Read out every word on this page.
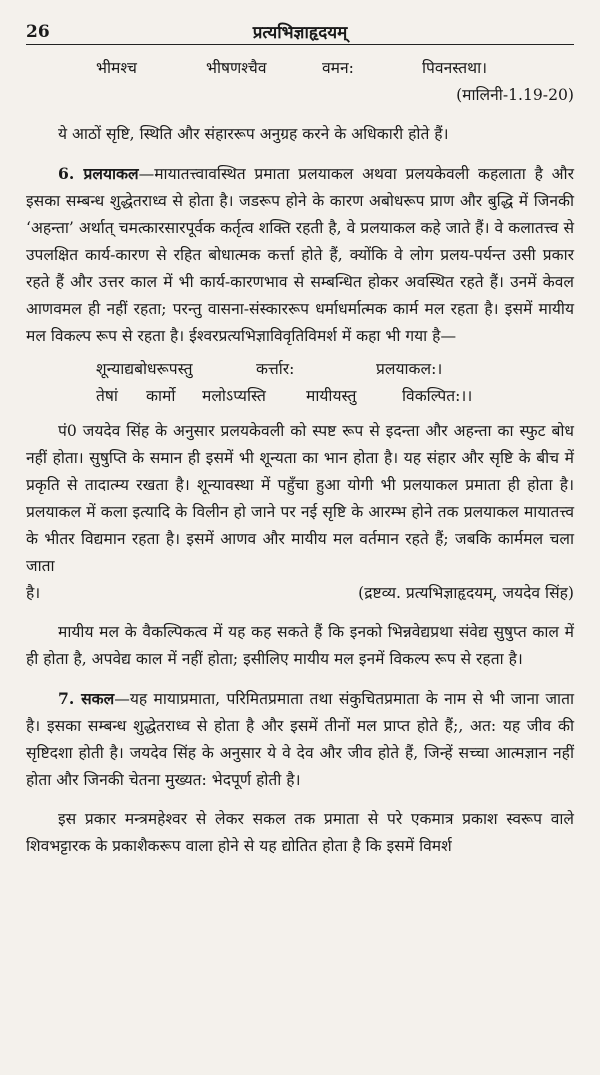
26	प्रत्यभिज्ञाहृदयम्

भीमश्च	भीषणश्चैव	वमन:	पिवनस्तथा।

(मालिनी-1.19-20)

ये आठों सृष्टि, स्थिति और संहाररूप अनुग्रह करने के अधिकारी होते हैं।

6. प्रलयाकल—मायातत्त्वावस्थित प्रमाता प्रलयाकल अथवा प्रलयकेवली कहलाता है और इसका सम्बन्ध शुद्धेतराध्व से होता है। जडरूप होने के कारण अबोधरूप प्राण और बुद्धि में जिनकी ‘अहन्ता’ अर्थात् चमत्कारसारपूर्वक कर्तृत्व शक्ति रहती है, वे प्रलयाकल कहे जाते हैं। वे कलातत्त्व से उपलक्षित कार्य-कारण से रहित बोधात्मक कर्त्ता होते हैं, क्योंकि वे लोग प्रलय-पर्यन्त उसी प्रकार रहते हैं और उत्तर काल में भी कार्य-कारणभाव से सम्बन्धित होकर अवस्थित रहते हैं। उनमें केवल आणवमल ही नहीं रहता; परन्तु वासना-संस्काररूप धर्माधर्मात्मक कार्म मल रहता है। इसमें मायीय मल विकल्प रूप से रहता है। ईश्वरप्रत्यभिज्ञाविवृतिविमर्श में कहा भी गया है—

शून्याद्यबोधरूपस्तु	कर्त्तार:	प्रलयाकल:।

तेषां कार्मो मलोऽप्यस्ति	मायीयस्तु	विकल्पित:।।

पं0 जयदेव सिंह के अनुसार प्रलयकेवली को स्पष्ट रूप से इदन्ता और अहन्ता का स्फुट बोध नहीं होता। सुषुप्ति के समान ही इसमें भी शून्यता का भान होता है। यह संहार और सृष्टि के बीच में प्रकृति से तादात्म्य रखता है। शून्यावस्था में पहुँचा हुआ योगी भी प्रलयाकल प्रमाता ही होता है। प्रलयाकल में कला इत्यादि के विलीन हो जाने पर नई सृष्टि के आरम्भ होने तक प्रलयाकल मायातत्त्व के भीतर विद्यमान रहता है। इसमें आणव और मायीय मल वर्तमान रहते हैं; जबकि कार्ममल चला जाता

है।	(द्रष्टव्य. प्रत्यभिज्ञाहृदयम्, जयदेव सिंह)

मायीय मल के वैकल्पिकत्व में यह कह सकते हैं कि इनको भिन्नवेद्यप्रथा संवेद्य सुषुप्त काल में ही होता है, अपवेद्य काल में नहीं होता; इसीलिए मायीय मल इनमें विकल्प रूप से रहता है।

7. सकल—यह मायाप्रमाता, परिमितप्रमाता तथा संकुचितप्रमाता के नाम से भी जाना जाता है। इसका सम्बन्ध शुद्धेतराध्व से होता है और इसमें तीनों मल प्राप्त होते हैं;, अत: यह जीव की सृष्टिदशा होती है। जयदेव सिंह के अनुसार ये वे देव और जीव होते हैं, जिन्हें सच्चा आत्मज्ञान नहीं होता और जिनकी चेतना मुख्यत: भेदपूर्ण होती है।

इस प्रकार मन्त्रमहेश्वर से लेकर सकल तक प्रमाता से परे एकमात्र प्रकाश स्वरूप वाले शिवभट्टारक के प्रकाशैकरूप वाला होने से यह द्योतित होता है कि इसमें विमर्श
